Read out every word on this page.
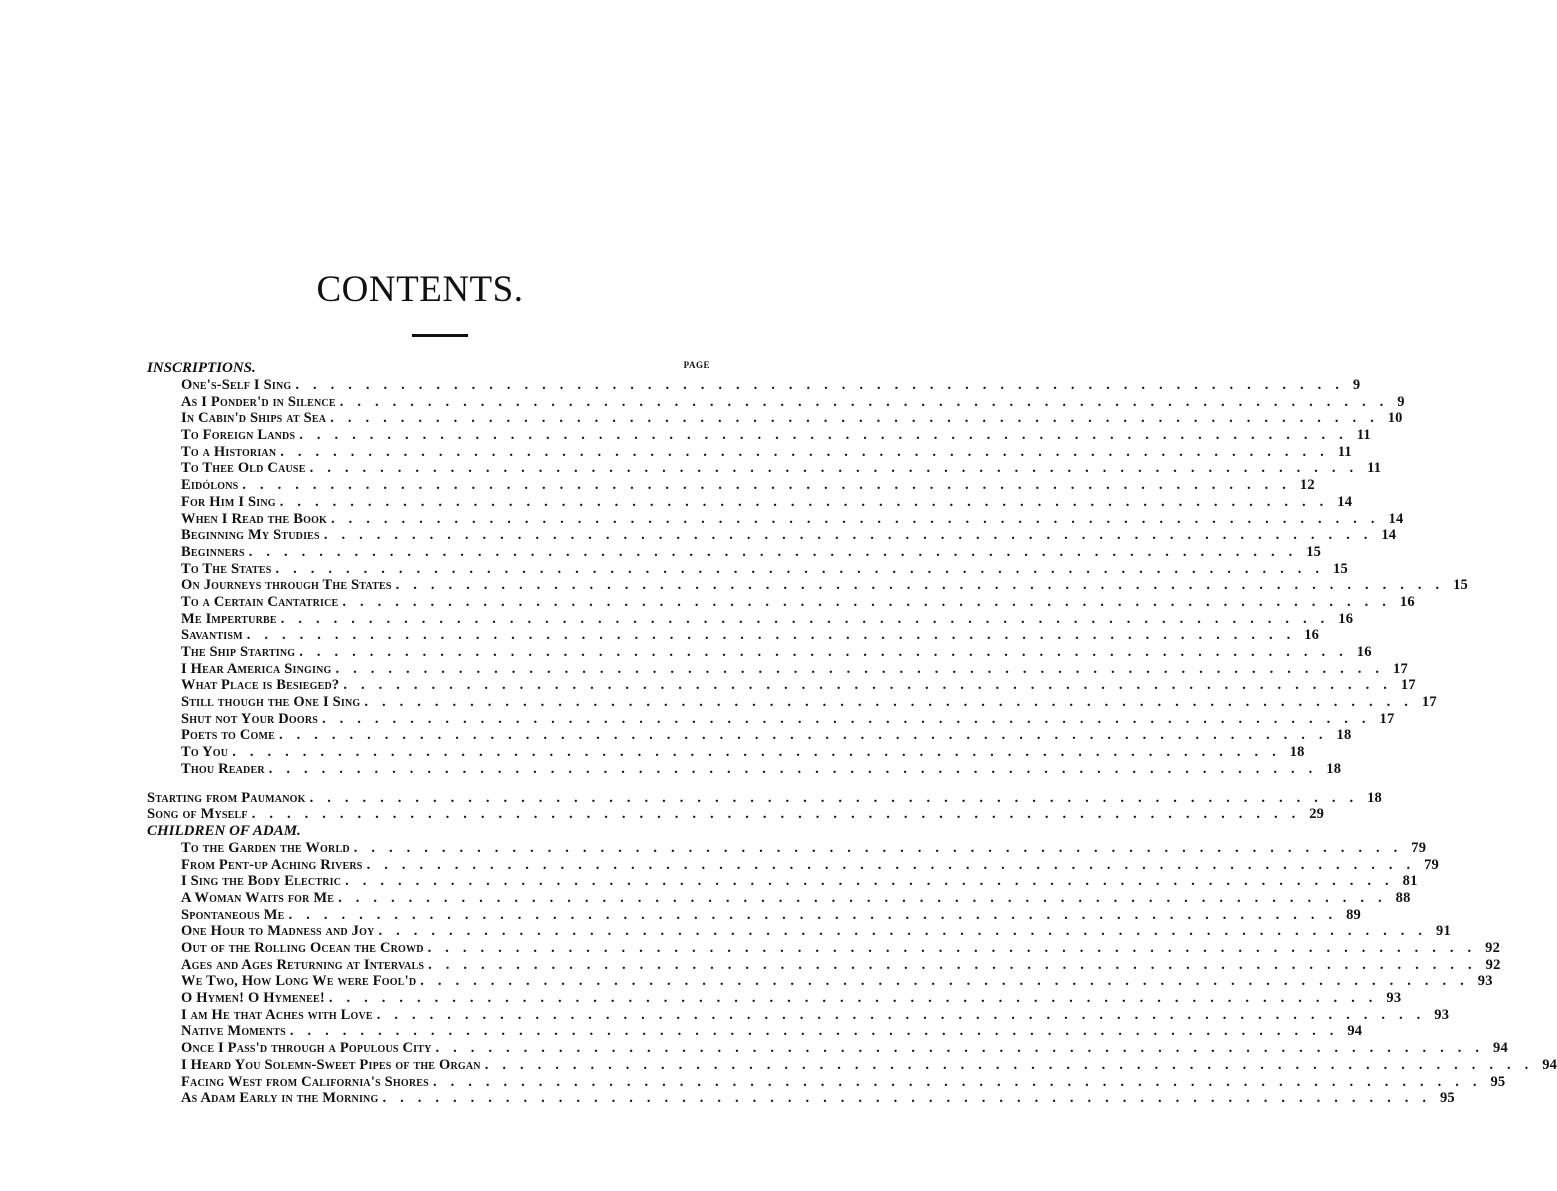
CONTENTS.
PAGE
INSCRIPTIONS.
One's-Self I Sing ............................................................ 9
As I Ponder'd in Silence ............................................................ 9
In Cabin'd Ships at Sea ............................................................ 10
To Foreign Lands ............................................................ 11
To a Historian ............................................................ 11
To Thee Old Cause ............................................................ 11
Eidólons ............................................................ 12
For Him I Sing ............................................................ 14
When I Read the Book ............................................................ 14
Beginning My Studies ............................................................ 14
Beginners ............................................................ 15
To The States ............................................................ 15
On Journeys through The States ............................................................ 15
To a Certain Cantatrice ............................................................ 16
Me Imperturbe ............................................................ 16
Savantism ............................................................ 16
The Ship Starting ............................................................ 16
I Hear America Singing ............................................................ 17
What Place is Besieged? ............................................................ 17
Still though the One I Sing ............................................................ 17
Shut not Your Doors ............................................................ 17
Poets to Come ............................................................ 18
To You ............................................................ 18
Thou Reader ............................................................ 18
Starting from Paumanok ............................................................ 18
Song of Myself ............................................................ 29
CHILDREN OF ADAM.
To the Garden the World ............................................................ 79
From Pent-up Aching Rivers ............................................................ 79
I Sing the Body Electric ............................................................ 81
A Woman Waits for Me ............................................................ 88
Spontaneous Me ............................................................ 89
One Hour to Madness and Joy ............................................................ 91
Out of the Rolling Ocean the Crowd ............................................................ 92
Ages and Ages Returning at Intervals ............................................................ 92
We Two, How Long We were Fool'd ............................................................ 93
O Hymen! O Hymenee! ............................................................ 93
I am He that Aches with Love ............................................................ 93
Native Moments ............................................................ 94
Once I Pass'd through a Populous City ............................................................ 94
I Heard You Solemn-Sweet Pipes of the Organ ............................................................ 94
Facing West from California's Shores ............................................................ 95
As Adam Early in the Morning ............................................................ 95
